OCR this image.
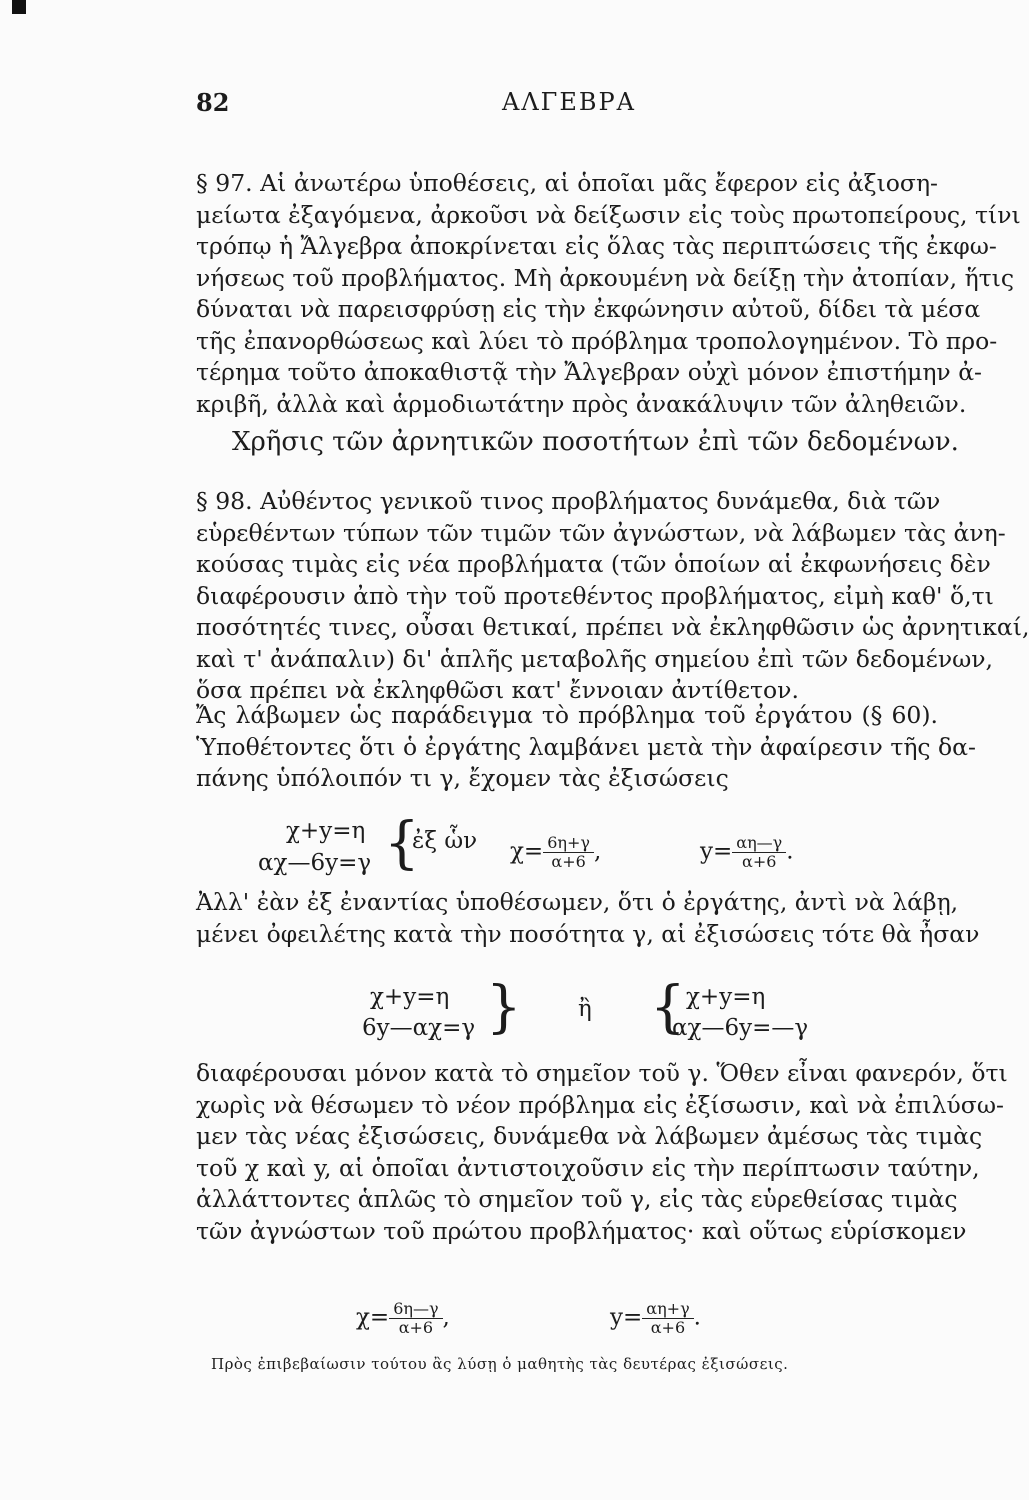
82	ΑΛΓΕΒΡΑ
§ 97. Αἱ ἀνωτέρω ὑποθέσεις, αἱ ὁποῖαι μᾶς ἔφερον εἰς ἀξιοση-
μείωτα ἐξαγόμενα, ἀρκοῦσι νὰ δείξωσιν εἰς τοὺς πρωτοπείρους, τίνι
τρόπῳ ἡ Ἄλγεβρα ἀποκρίνεται εἰς ὅλας τὰς περιπτώσεις τῆς ἐκφω-
νήσεως τοῦ προβλήματος. Μὴ ἀρκουμένη νὰ δείξῃ τὴν ἀτοπίαν, ἥτις
δύναται νὰ παρεισφρύσῃ εἰς τὴν ἐκφώνησιν αὐτοῦ, δίδει τὰ μέσα
τῆς ἐπανορθώσεως καὶ λύει τὸ πρόβλημα τροπολογημένον. Τὸ προ-
τέρημα τοῦτο ἀποκαθιστᾷ τὴν Ἄλγεβραν οὐχὶ μόνον ἐπιστήμην ἀ-
κριβῆ, ἀλλὰ καὶ ἁρμοδιωτάτην πρὸς ἀνακάλυψιν τῶν ἀληθειῶν.
Χρῆσις τῶν ἀρνητικῶν ποσοτήτων ἐπὶ τῶν δεδομένων.
§ 98. Αὐθέντος γενικοῦ τινος προβλήματος δυνάμεθα, διὰ τῶν
εὑρεθέντων τύπων τῶν τιμῶν τῶν ἀγνώστων, νὰ λάβωμεν τὰς ἀνη-
κούσας τιμὰς εἰς νέα προβλήματα (τῶν ὁποίων αἱ ἐκφωνήσεις δὲν
διαφέρουσιν ἀπὸ τὴν τοῦ προτεθέντος προβλήματος, εἰμὴ καθ' ὅ,τι
ποσότητές τινες, οὖσαι θετικαί, πρέπει νὰ ἐκληφθῶσιν ὡς ἀρνητικαί,
καὶ τ' ἀνάπαλιν) δι' ἁπλῆς μεταβολῆς σημείου ἐπὶ τῶν δεδομένων,
ὅσα πρέπει νὰ ἐκληφθῶσι κατ' ἔννοιαν ἀντίθετον.
Ἄς λάβωμεν ὡς παράδειγμα τὸ πρόβλημα τοῦ ἐργάτου (§ 60).
Ὑποθέτοντες ὅτι ὁ ἐργάτης λαμβάνει μετὰ τὴν ἀφαίρεσιν τῆς δα-
πάνης ὑπόλοιπόν τι γ, ἔχομεν τὰς ἐξισώσεις
χ+y=η
αχ—6y=γ {
ἐξ ὧν $\chi= \frac{6\eta+\gamma}{\alpha+6}$ ,	$y= \frac{\alpha\eta—\gamma}{\alpha+6}$ .
Ἀλλ' ἐὰν ἐξ ἐναντίας ὑποθέσωμεν, ὅτι ὁ ἐργάτης, ἀντὶ νὰ λάβῃ,
μένει ὀφειλέτης κατὰ τὴν ποσότητα γ, αἱ ἐξισώσεις τότε θὰ ἦσαν
χ+y=η
6y—αχ=γ } ἢ { χ+y=η
αχ—6y=—γ
διαφέρουσαι μόνον κατὰ τὸ σημεῖον τοῦ γ. Ὅθεν εἶναι φανερόν, ὅτι
χωρὶς νὰ θέσωμεν τὸ νέον πρόβλημα εἰς ἐξίσωσιν, καὶ νὰ ἐπιλύσω-
μεν τὰς νέας ἐξισώσεις, δυνάμεθα νὰ λάβωμεν ἀμέσως τὰς τιμὰς
τοῦ χ καὶ y, αἱ ὁποῖαι ἀντιστοιχοῦσιν εἰς τὴν περίπτωσιν ταύτην,
ἀλλάττοντες ἁπλῶς τὸ σημεῖον τοῦ γ, εἰς τὰς εὑρεθείσας τιμὰς
τῶν ἀγνώστων τοῦ πρώτου προβλήματος· καὶ οὕτως εὑρίσκομεν
$\chi= \frac{6\eta—\gamma}{\alpha+6}$ ,	$y= \frac{\alpha\eta+\gamma}{\alpha+6}$ .
Πρὸς ἐπιβεβαίωσιν τούτου ἂς λύσῃ ὁ μαθητὴς τὰς δευτέρας ἐξισώσεις.
